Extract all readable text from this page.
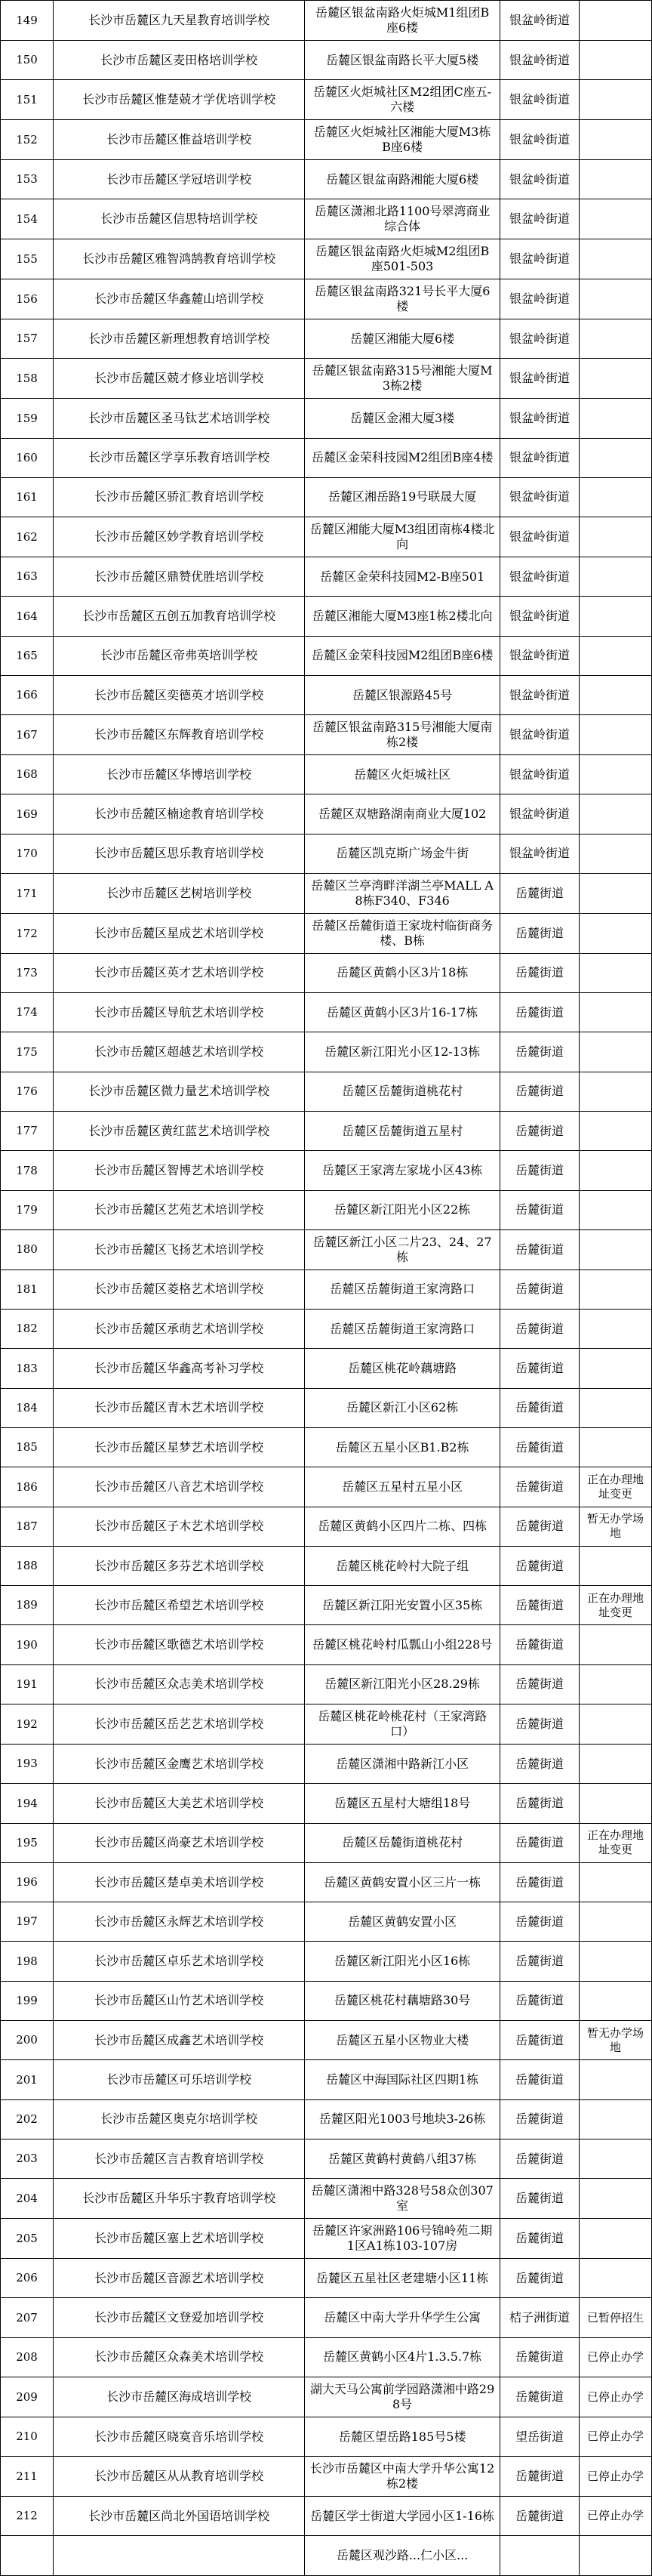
149	长沙市岳麓区九天星教育培训学校	岳麓区银盆南路火炬城M1组团B座6楼	银盆岭街道	
150	长沙市岳麓区麦田格培训学校	岳麓区银盆南路长平大厦5楼	银盆岭街道	
151	长沙市岳麓区惟楚兢才学优培训学校	岳麓区火炬城社区M2组团C座五-六楼	银盆岭街道	
152	长沙市岳麓区惟益培训学校	岳麓区火炬城社区湘能大厦M3栋B座6楼	银盆岭街道	
153	长沙市岳麓区学冠培训学校	岳麓区银盆南路湘能大厦6楼	银盆岭街道	
154	长沙市岳麓区信思特培训学校	岳麓区潇湘北路1100号翠湾商业综合体	银盆岭街道	
155	长沙市岳麓区雅智鸿鹄教育培训学校	岳麓区银盆南路火炬城M2组团B座501-503	银盆岭街道	
156	长沙市岳麓区华鑫麓山培训学校	岳麓区银盆南路321号长平大厦6楼	银盆岭街道	
157	长沙市岳麓区新理想教育培训学校	岳麓区湘能大厦6楼	银盆岭街道	
158	长沙市岳麓区兢才修业培训学校	岳麓区银盆南路315号湘能大厦M3栋2楼	银盆岭街道	
159	长沙市岳麓区圣马钛艺术培训学校	岳麓区金湘大厦3楼	银盆岭街道	
160	长沙市岳麓区学享乐教育培训学校	岳麓区金荣科技园M2组团B座4楼	银盆岭街道	
161	长沙市岳麓区骄汇教育培训学校	岳麓区湘岳路19号联晟大厦	银盆岭街道	
162	长沙市岳麓区妙学教育培训学校	岳麓区湘能大厦M3组团南栋4楼北向	银盆岭街道	
163	长沙市岳麓区鼎赞优胜培训学校	岳麓区金荣科技园M2-B座501	银盆岭街道	
164	长沙市岳麓区五创五加教育培训学校	岳麓区湘能大厦M3座1栋2楼北向	银盆岭街道	
165	长沙市岳麓区帝弗英培训学校	岳麓区金荣科技园M2组团B座6楼	银盆岭街道	
166	长沙市岳麓区奕德英才培训学校	岳麓区银源路45号	银盆岭街道	
167	长沙市岳麓区东辉教育培训学校	岳麓区银盆南路315号湘能大厦南栋2楼	银盆岭街道	
168	长沙市岳麓区华博培训学校	岳麓区火炬城社区	银盆岭街道	
169	长沙市岳麓区楠途教育培训学校	岳麓区双塘路湖南商业大厦102	银盆岭街道	
170	长沙市岳麓区思乐教育培训学校	岳麓区凯克斯广场金牛街	银盆岭街道	
171	长沙市岳麓区艺树培训学校	岳麓区兰亭湾畔洋湖兰亭MALL A8栋F340、F346	岳麓街道	
172	长沙市岳麓区星成艺术培训学校	岳麓区岳麓街道王家垅村临街商务楼、B栋	岳麓街道	
173	长沙市岳麓区英才艺术培训学校	岳麓区黄鹤小区3片18栋	岳麓街道	
174	长沙市岳麓区导航艺术培训学校	岳麓区黄鹤小区3片16-17栋	岳麓街道	
175	长沙市岳麓区超越艺术培训学校	岳麓区新江阳光小区12-13栋	岳麓街道	
176	长沙市岳麓区微力量艺术培训学校	岳麓区岳麓街道桃花村	岳麓街道	
177	长沙市岳麓区黄红蓝艺术培训学校	岳麓区岳麓街道五星村	岳麓街道	
178	长沙市岳麓区智博艺术培训学校	岳麓区王家湾左家垅小区43栋	岳麓街道	
179	长沙市岳麓区艺苑艺术培训学校	岳麓区新江阳光小区22栋	岳麓街道	
180	长沙市岳麓区飞扬艺术培训学校	岳麓区新江小区二片23、24、27栋	岳麓街道	
181	长沙市岳麓区菱格艺术培训学校	岳麓区岳麓街道王家湾路口	岳麓街道	
182	长沙市岳麓区承萌艺术培训学校	岳麓区岳麓街道王家湾路口	岳麓街道	
183	长沙市岳麓区华鑫高考补习学校	岳麓区桃花岭藕塘路	岳麓街道	
184	长沙市岳麓区青木艺术培训学校	岳麓区新江小区62栋	岳麓街道	
185	长沙市岳麓区星梦艺术培训学校	岳麓区五星小区B1.B2栋	岳麓街道	
186	长沙市岳麓区八音艺术培训学校	岳麓区五星村五星小区	岳麓街道	正在办理地址变更
187	长沙市岳麓区子木艺术培训学校	岳麓区黄鹤小区四片二栋、四栋	岳麓街道	暂无办学场地
188	长沙市岳麓区多芬艺术培训学校	岳麓区桃花岭村大院子组	岳麓街道	
189	长沙市岳麓区希望艺术培训学校	岳麓区新江阳光安置小区35栋	岳麓街道	正在办理地址变更
190	长沙市岳麓区歌德艺术培训学校	岳麓区桃花岭村瓜瓢山小组228号	岳麓街道	
191	长沙市岳麓区众志美术培训学校	岳麓区新江阳光小区28.29栋	岳麓街道	
192	长沙市岳麓区岳艺艺术培训学校	岳麓区桃花岭桃花村（王家湾路口）	岳麓街道	
193	长沙市岳麓区金鹰艺术培训学校	岳麓区潇湘中路新江小区	岳麓街道	
194	长沙市岳麓区大美艺术培训学校	岳麓区五星村大塘组18号	岳麓街道	
195	长沙市岳麓区尚豪艺术培训学校	岳麓区岳麓街道桃花村	岳麓街道	正在办理地址变更
196	长沙市岳麓区楚卓美术培训学校	岳麓区黄鹤安置小区三片一栋	岳麓街道	
197	长沙市岳麓区永辉艺术培训学校	岳麓区黄鹤安置小区	岳麓街道	
198	长沙市岳麓区卓乐艺术培训学校	岳麓区新江阳光小区16栋	岳麓街道	
199	长沙市岳麓区山竹艺术培训学校	岳麓区桃花村藕塘路30号	岳麓街道	
200	长沙市岳麓区成鑫艺术培训学校	岳麓区五星小区物业大楼	岳麓街道	暂无办学场地
201	长沙市岳麓区可乐培训学校	岳麓区中海国际社区四期1栋	岳麓街道	
202	长沙市岳麓区奥克尔培训学校	岳麓区阳光1003号地块3-26栋	岳麓街道	
203	长沙市岳麓区言吉教育培训学校	岳麓区黄鹤村黄鹤八组37栋	岳麓街道	
204	长沙市岳麓区升华乐宇教育培训学校	岳麓区潇湘中路328号58众创307室	岳麓街道	
205	长沙市岳麓区塞上艺术培训学校	岳麓区许家洲路106号锦岭苑二期1区A1栋103-107房	岳麓街道	
206	长沙市岳麓区音源艺术培训学校	岳麓区五星社区老建塘小区11栋	岳麓街道	
207	长沙市岳麓区文登爱加培训学校	岳麓区中南大学升华学生公寓	桔子洲街道	已暂停招生
208	长沙市岳麓区众森美术培训学校	岳麓区黄鹤小区4片1.3.5.7栋	岳麓街道	已停止办学
209	长沙市岳麓区海成培训学校	湖大天马公寓前学园路潇湘中路298号	岳麓街道	已停止办学
210	长沙市岳麓区晓寞音乐培训学校	岳麓区望岳路185号5楼	望岳街道	已停止办学
211	长沙市岳麓区从从教育培训学校	长沙市岳麓区中南大学升华公寓12栋2楼	岳麓街道	已停止办学
212	长沙市岳麓区尚北外国语培训学校	岳麓区学士街道大学园小区1-16栋	岳麓街道	已停止办学
		岳麓区观沙路...仁小区...		
